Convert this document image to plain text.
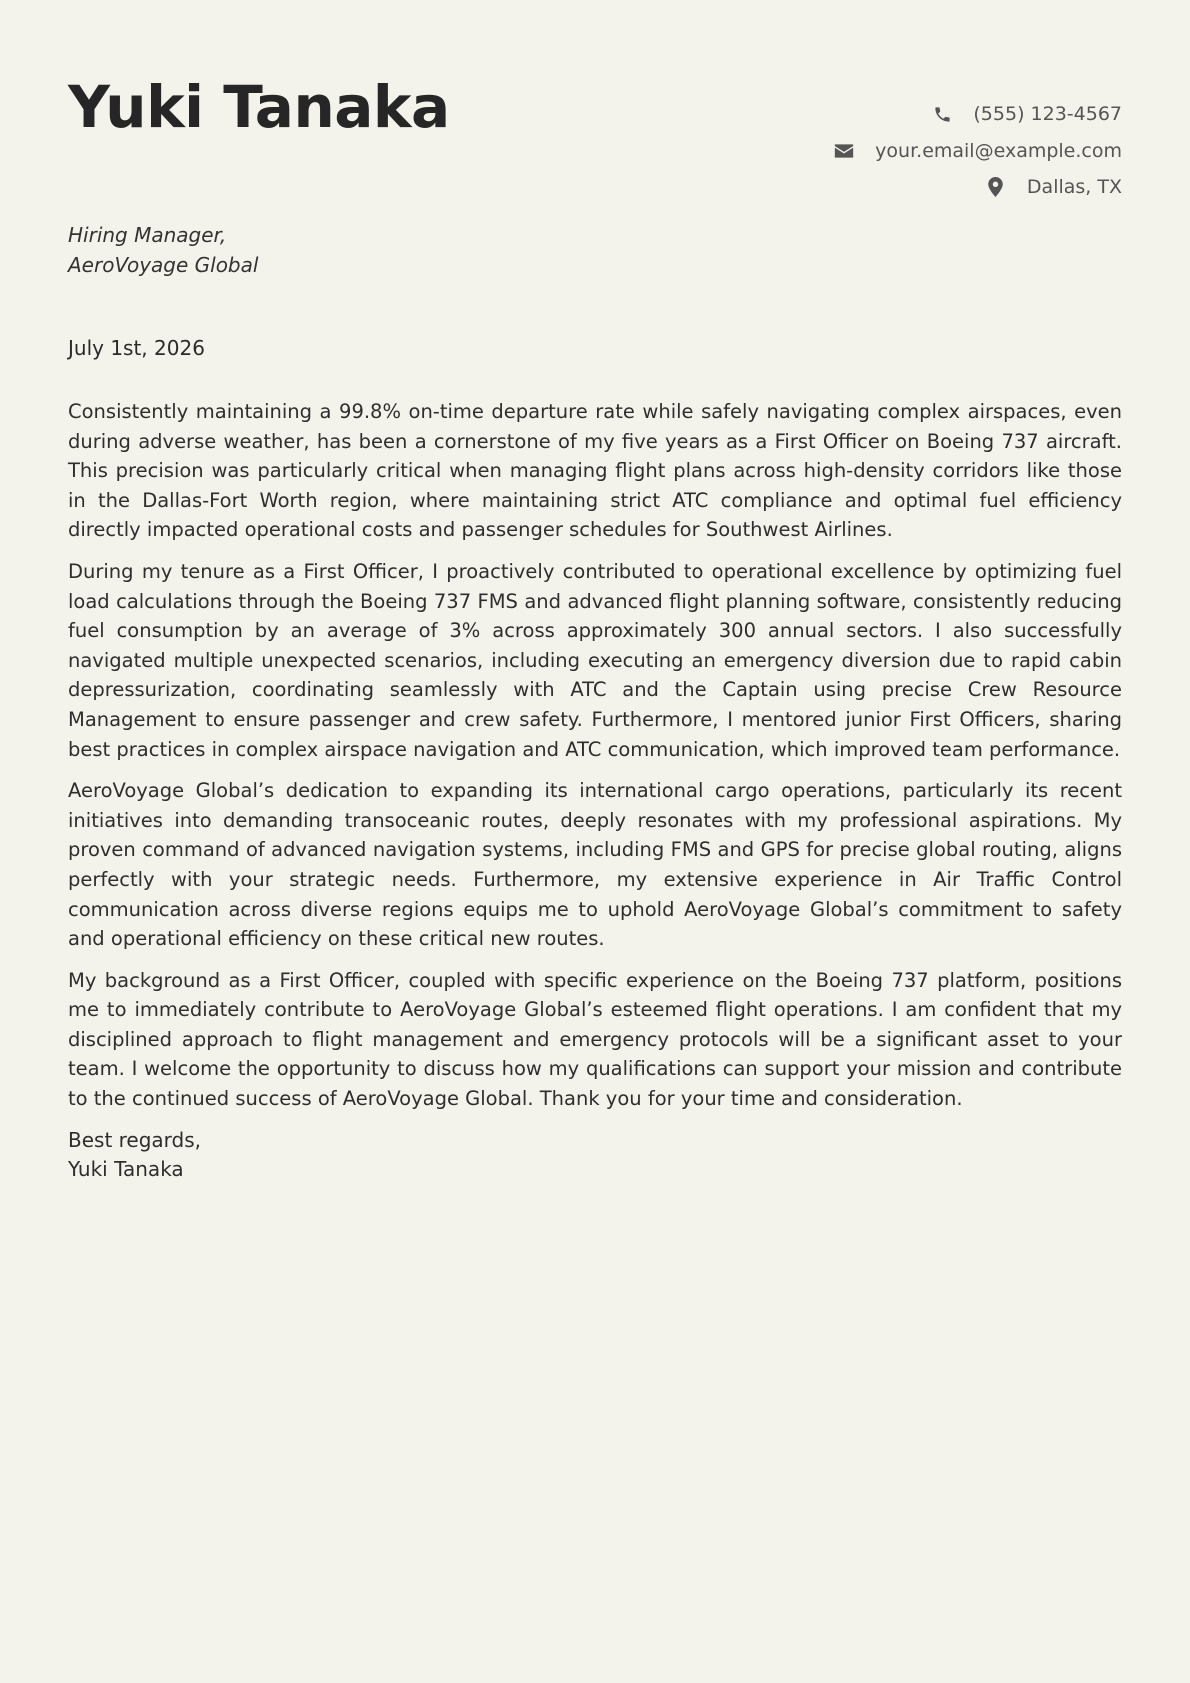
Yuki Tanaka	(555) 123-4567
your.email@example.com
Dallas, TX
Hiring Manager,
AeroVoyage Global
July 1st, 2026

Consistently maintaining a 99.8% on-time departure rate while safely navigating complex airspaces, even during adverse weather, has been a cornerstone of my five years as a First Officer on Boeing 737 aircraft. This precision was particularly critical when managing flight plans across high-density corridors like those in the Dallas-Fort Worth region, where maintaining strict ATC compliance and optimal fuel efficiency directly impacted operational costs and passenger schedules for Southwest Airlines.

During my tenure as a First Officer, I proactively contributed to operational excellence by optimizing fuel load calculations through the Boeing 737 FMS and advanced flight planning software, consistently reducing fuel consumption by an average of 3% across approximately 300 annual sectors. I also successfully navigated multiple unexpected scenarios, including executing an emergency diversion due to rapid cabin depressurization, coordinating seamlessly with ATC and the Captain using precise Crew Resource Management to ensure passenger and crew safety. Furthermore, I mentored junior First Officers, sharing best practices in complex airspace navigation and ATC communication, which improved team performance.

AeroVoyage Global’s dedication to expanding its international cargo operations, particularly its recent initiatives into demanding transoceanic routes, deeply resonates with my professional aspirations. My proven command of advanced navigation systems, including FMS and GPS for precise global routing, aligns perfectly with your strategic needs. Furthermore, my extensive experience in Air Traffic Control communication across diverse regions equips me to uphold AeroVoyage Global’s commitment to safety and operational efficiency on these critical new routes.

My background as a First Officer, coupled with specific experience on the Boeing 737 platform, positions me to immediately contribute to AeroVoyage Global’s esteemed flight operations. I am confident that my disciplined approach to flight management and emergency protocols will be a significant asset to your team. I welcome the opportunity to discuss how my qualifications can support your mission and contribute to the continued success of AeroVoyage Global. Thank you for your time and consideration.

Best regards,
Yuki Tanaka
